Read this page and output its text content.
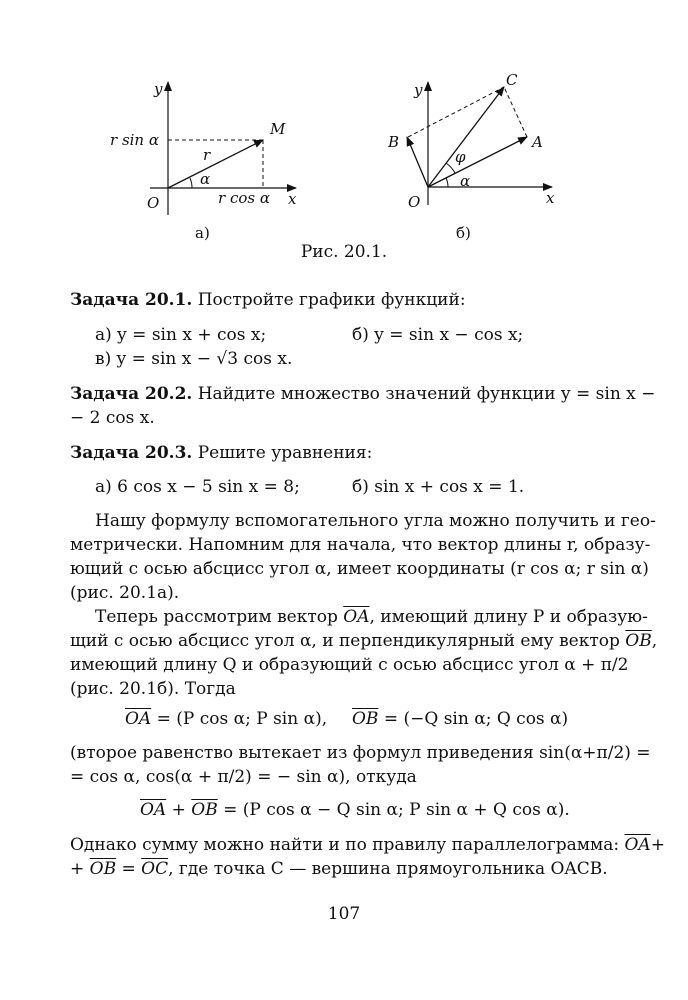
y
x
O
M
r sin α
r cos α
r
α
а)
y
x
O
A
B
C
φ
α
б)
Рис. 20.1.
Задача 20.1. Постройте графики функций:
а) y = sin x + cos x;	б) y = sin x − cos x;
в) y = sin x − √3 cos x.
Задача 20.2. Найдите множество значений функции y = sin x −
− 2 cos x.
Задача 20.3. Решите уравнения:
а) 6 cos x − 5 sin x = 8;	б) sin x + cos x = 1.
Нашу формулу вспомогательного угла можно получить и гео-
метрически. Напомним для начала, что вектор длины r, образу-
ющий с осью абсцисс угол α, имеет координаты (r cos α; r sin α)
(рис. 20.1а).
Теперь рассмотрим вектор $\overline{OA}$, имеющий длину P и образую-
щий с осью абсцисс угол α, и перпендикулярный ему вектор $\overline{OB}$,
имеющий длину Q и образующий с осью абсцисс угол α + π/2
(рис. 20.1б). Тогда
$\overline{OA} = (P$ cos α; P sin α), $\overline{OB} = (-Q$ sin α; Q cos α)
(второе равенство вытекает из формул приведения sin(α+π/2) =
= cos α, cos(α + π/2) = − sin α), откуда
$\overline{OA} + \overline{OB} = (P$ cos α − Q sin α; P sin α + Q cos α).
Однако сумму можно найти и по правилу параллелограмма: $\overline{OA}+$
+ $\overline{OB} = \overline{OC}$, где точка C — вершина прямоугольника OACB.
107
